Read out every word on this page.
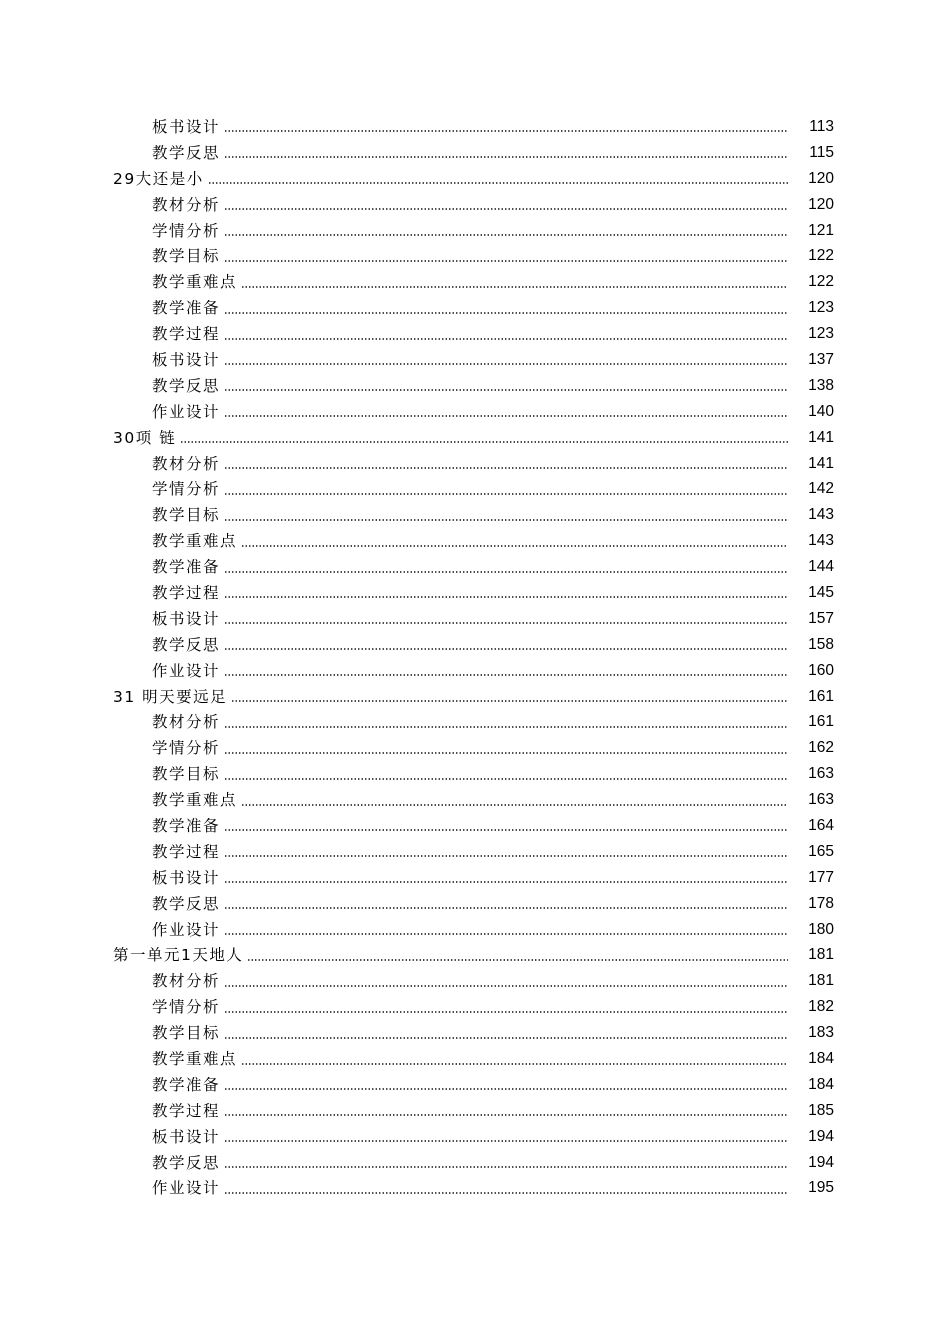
板书设计	113
教学反思	115
29大还是小	120
教材分析	120
学情分析	121
教学目标	122
教学重难点	122
教学准备	123
教学过程	123
板书设计	137
教学反思	138
作业设计	140
30项 链	141
教材分析	141
学情分析	142
教学目标	143
教学重难点	143
教学准备	144
教学过程	145
板书设计	157
教学反思	158
作业设计	160
31 明天要远足	161
教材分析	161
学情分析	162
教学目标	163
教学重难点	163
教学准备	164
教学过程	165
板书设计	177
教学反思	178
作业设计	180
第一单元1天地人	181
教材分析	181
学情分析	182
教学目标	183
教学重难点	184
教学准备	184
教学过程	185
板书设计	194
教学反思	194
作业设计	195
